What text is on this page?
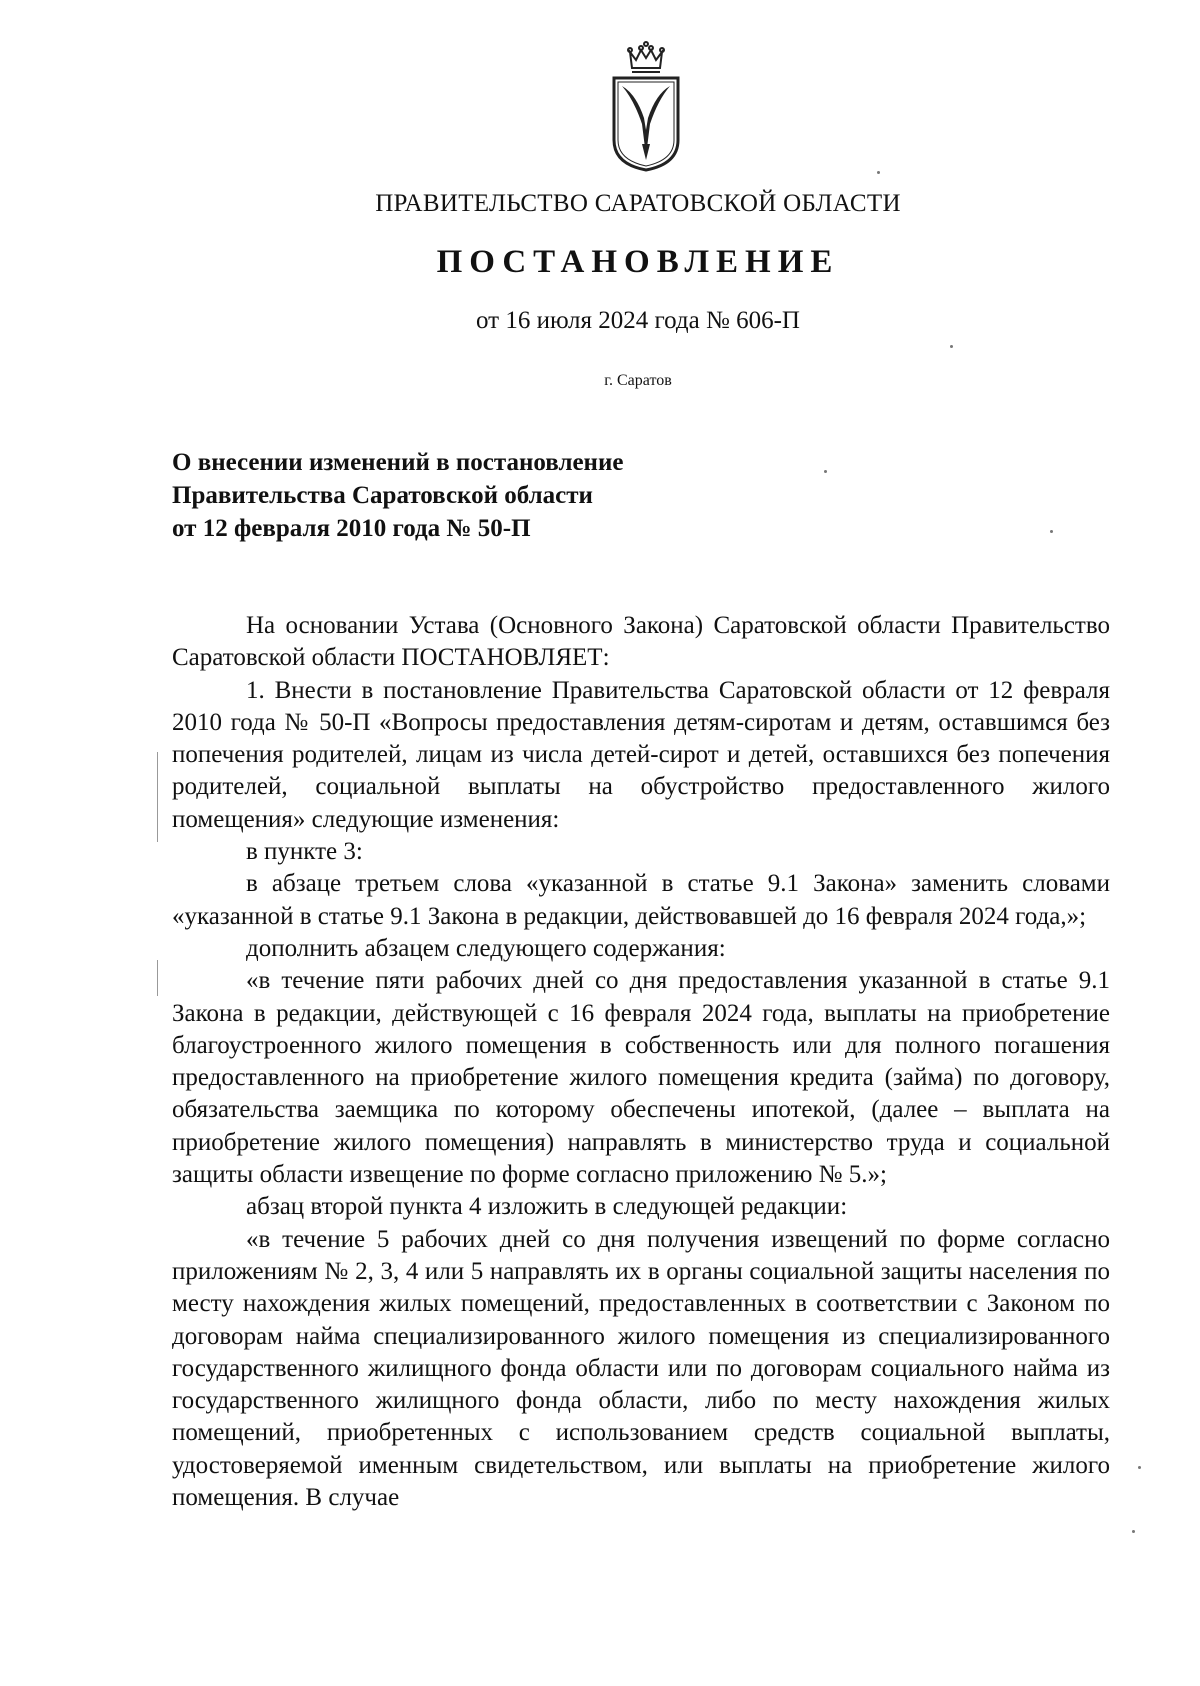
ПРАВИТЕЛЬСТВО САРАТОВСКОЙ ОБЛАСТИ
ПОСТАНОВЛЕНИЕ
от 16 июля 2024 года № 606-П
г. Саратов
О внесении изменений в постановление
Правительства Саратовской области
от 12 февраля 2010 года № 50-П

На основании Устава (Основного Закона) Саратовской области Правительство Саратовской области ПОСТАНОВЛЯЕТ:

1. Внести в постановление Правительства Саратовской области от 12 февраля 2010 года № 50-П «Вопросы предоставления детям-сиротам и детям, оставшимся без попечения родителей, лицам из числа детей-сирот и детей, оставшихся без попечения родителей, социальной выплаты на обустройство предоставленного жилого помещения» следующие изменения:

в пункте 3:

в абзаце третьем слова «указанной в статье 9.1 Закона» заменить словами «указанной в статье 9.1 Закона в редакции, действовавшей до 16 февраля 2024 года,»;

дополнить абзацем следующего содержания:

«в течение пяти рабочих дней со дня предоставления указанной в статье 9.1 Закона в редакции, действующей с 16 февраля 2024 года, выплаты на приобретение благоустроенного жилого помещения в собственность или для полного погашения предоставленного на приобретение жилого помещения кредита (займа) по договору, обязательства заемщика по которому обеспечены ипотекой, (далее – выплата на приобретение жилого помещения) направлять в министерство труда и социальной защиты области извещение по форме согласно приложению № 5.»;

абзац второй пункта 4 изложить в следующей редакции:

«в течение 5 рабочих дней со дня получения извещений по форме согласно приложениям № 2, 3, 4 или 5 направлять их в органы социальной защиты населения по месту нахождения жилых помещений, предоставленных в соответствии с Законом по договорам найма специализированного жилого помещения из специализированного государственного жилищного фонда области или по договорам социального найма из государственного жилищного фонда области, либо по месту нахождения жилых помещений, приобретенных с использованием средств социальной выплаты, удостоверяемой именным свидетельством, или выплаты на приобретение жилого помещения. В случае
